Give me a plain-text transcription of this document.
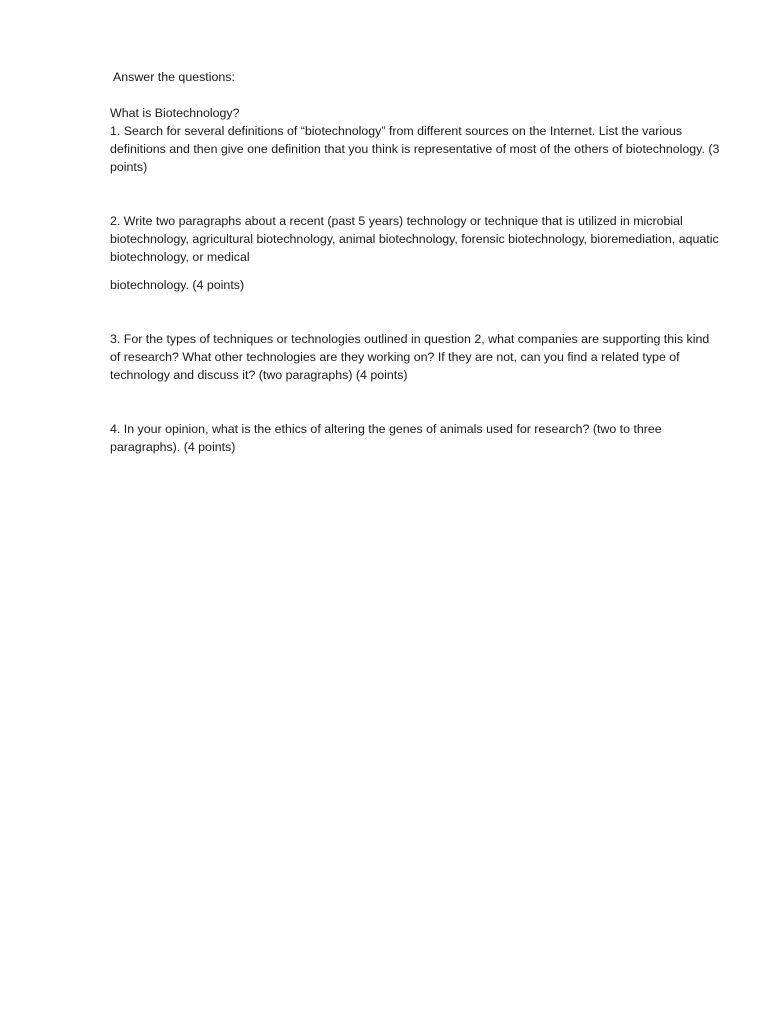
Answer the questions:

What is Biotechnology?

1. Search for several definitions of “biotechnology” from different sources on the Internet. List the various definitions and then give one definition that you think is representative of most of the others of biotechnology. (3 points)

2. Write two paragraphs about a recent (past 5 years) technology or technique that is utilized in microbial biotechnology, agricultural biotechnology, animal biotechnology, forensic biotechnology, bioremediation, aquatic biotechnology, or medical

biotechnology. (4 points)

3. For the types of techniques or technologies outlined in question 2, what companies are supporting this kind of research? What other technologies are they working on? If they are not, can you find a related type of technology and discuss it? (two paragraphs) (4 points)

4. In your opinion, what is the ethics of altering the genes of animals used for research? (two to three paragraphs). (4 points)
